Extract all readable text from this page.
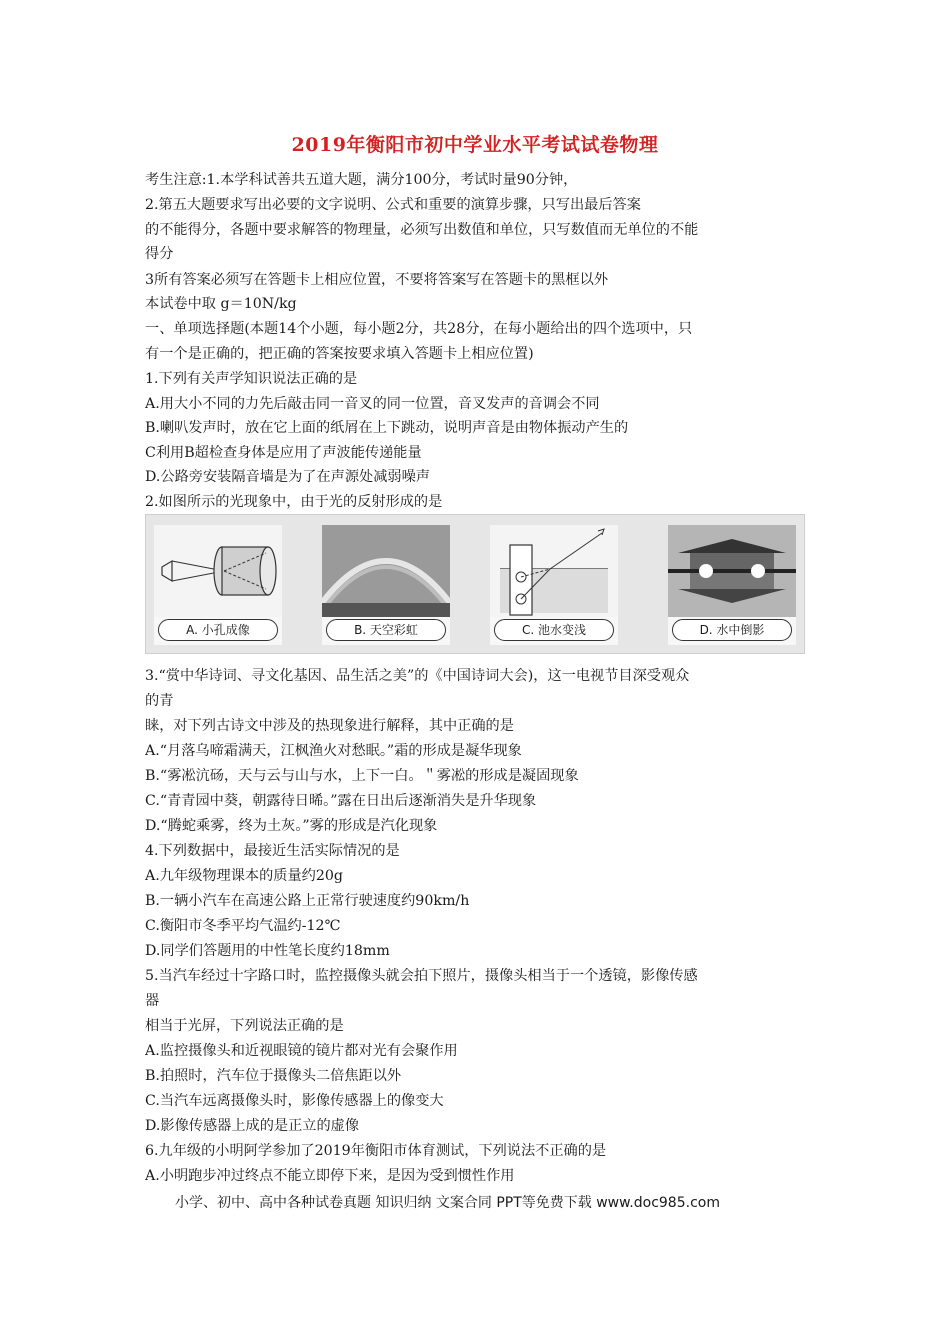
2019年衡阳市初中学业水平考试试卷物理
考生注意:1.本学科试善共五道大题，满分100分，考试时量90分钟，
2.第五大题要求写出必要的文字说明、公式和重要的演算步骤，只写出最后答案
的不能得分，各题中要求解答的物理量，必须写出数值和单位，只写数值而无单位的不能
得分
3所有答案必须写在答题卡上相应位置，不要将答案写在答题卡的黑框以外
本试卷中取 g＝10N/kg
一、单项选择题(本题14个小题，每小题2分，共28分，在每小题给出的四个选项中，只
有一个是正确的，把正确的答案按要求填入答题卡上相应位置)
1.下列有关声学知识说法正确的是
A.用大小不同的力先后敲击同一音叉的同一位置，音叉发声的音调会不同
B.喇叭发声时，放在它上面的纸屑在上下跳动，说明声音是由物体振动产生的
C利用B超检查身体是应用了声波能传递能量
D.公路旁安装隔音墙是为了在声源处减弱噪声
2.如图所示的光现象中，由于光的反射形成的是
A. 小孔成像	B. 天空彩虹	C. 池水变浅	D. 水中倒影
3.“赏中华诗词、寻文化基因、品生活之美”的《中国诗词大会)，这一电视节目深受观众
的青
睐，对下列古诗文中涉及的热现象进行解释，其中正确的是
A.“月落乌啼霜满天，江枫渔火对愁眠。”霜的形成是凝华现象
B.“雾凇沆砀，天与云与山与水，上下一白。＂雾凇的形成是凝固现象
C.“青青园中葵，朝露待日晞。”露在日出后逐渐消失是升华现象
D.“腾蛇乘雾，终为土灰。”雾的形成是汽化现象
4.下列数据中，最接近生活实际情况的是
A.九年级物理课本的质量约20g
B.一辆小汽车在高速公路上正常行驶速度约90km/h
C.衡阳市冬季平均气温约-12℃
D.同学们答题用的中性笔长度约18mm
5.当汽车经过十字路口时，监控摄像头就会拍下照片，摄像头相当于一个透镜，影像传感
器
相当于光屏，下列说法正确的是
A.监控摄像头和近视眼镜的镜片都对光有会聚作用
B.拍照时，汽车位于摄像头二倍焦距以外
C.当汽车远离摄像头时，影像传感器上的像变大
D.影像传感器上成的是正立的虚像
6.九年级的小明阿学参加了2019年衡阳市体育测试，下列说法不正确的是
A.小明跑步冲过终点不能立即停下来，是因为受到惯性作用
小学、初中、高中各种试卷真题 知识归纳 文案合同 PPT等免费下载 www.doc985.com
